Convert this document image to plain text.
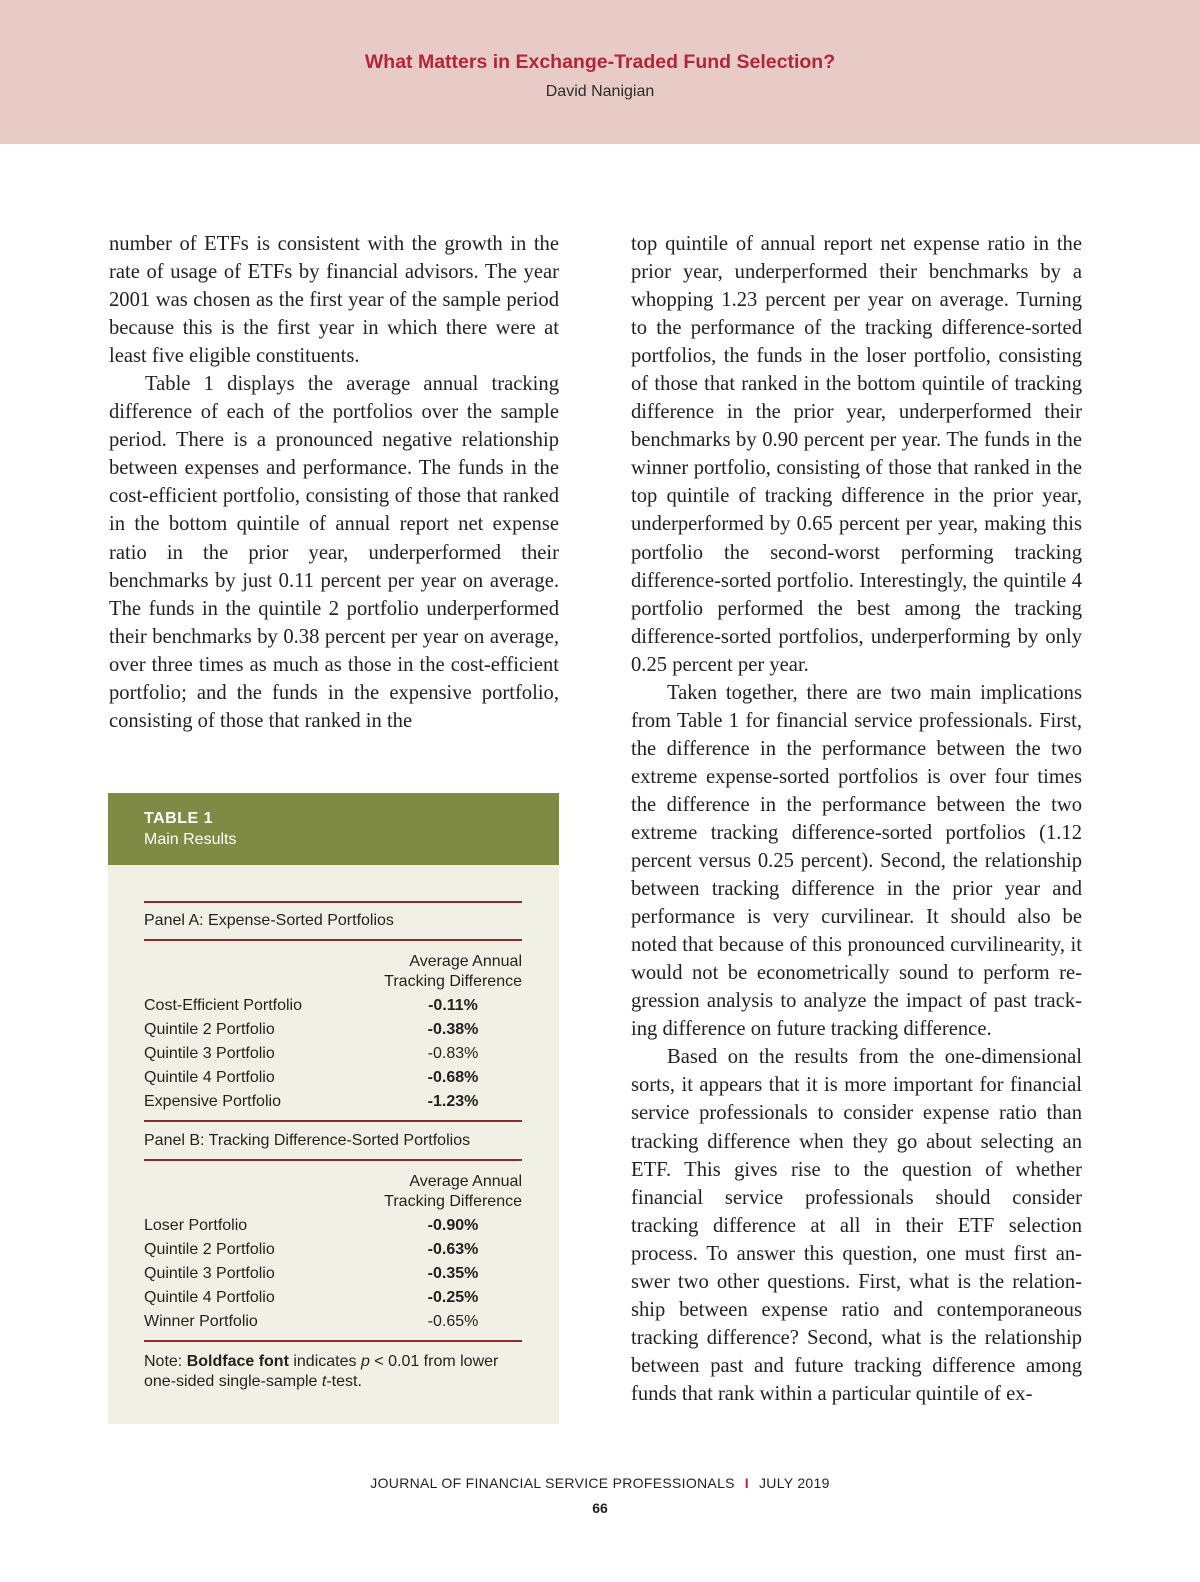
What Matters in Exchange-Traded Fund Selection?
David Nanigian

number of ETFs is consistent with the growth in the rate of usage of ETFs by financial advisors. The year 2001 was chosen as the first year of the sample period because this is the first year in which there were at least five eligible constituents.

Table 1 displays the average annual tracking difference of each of the portfolios over the sample period. There is a pronounced negative relationship between expenses and performance. The funds in the cost-efficient portfolio, consisting of those that ranked in the bottom quintile of annual report net expense ratio in the prior year, underperformed their benchmarks by just 0.11 percent per year on average. The funds in the quintile 2 portfolio underperformed their benchmarks by 0.38 percent per year on average, over three times as much as those in the cost-efficient portfolio; and the funds in the expensive portfolio, consisting of those that ranked in the

top quintile of annual report net expense ratio in the prior year, underperformed their benchmarks by a whopping 1.23 percent per year on average. Turning to the performance of the tracking difference-sorted portfolios, the funds in the loser portfolio, consisting of those that ranked in the bottom quintile of tracking difference in the prior year, underperformed their benchmarks by 0.90 percent per year. The funds in the winner portfolio, consisting of those that ranked in the top quintile of tracking difference in the prior year, underperformed by 0.65 percent per year, making this portfolio the second-worst performing tracking difference-sorted portfolio. Interestingly, the quintile 4 portfolio performed the best among the tracking difference-sorted portfolios, underperforming by only 0.25 percent per year.

Taken together, there are two main implications from Table 1 for financial service professionals. First, the difference in the performance between the two extreme expense-sorted portfolios is over four times the difference in the performance between the two extreme tracking difference-sorted portfolios (1.12 percent versus 0.25 percent). Second, the relationship between tracking difference in the prior year and performance is very curvilinear. It should also be noted that because of this pronounced curvilinearity, it would not be econometrically sound to perform regression analysis to analyze the impact of past tracking difference on future tracking difference.

Based on the results from the one-dimensional sorts, it appears that it is more important for financial service professionals to consider expense ratio than tracking difference when they go about selecting an ETF. This gives rise to the question of whether financial service professionals should consider tracking difference at all in their ETF selection process. To answer this question, one must first answer two other questions. First, what is the relationship between expense ratio and contemporaneous tracking difference? Second, what is the relationship between past and future tracking difference among funds that rank within a particular quintile of ex-

TABLE 1
Main Results
Panel A: Expense-Sorted Portfolios
Average Annual
Tracking Difference
Cost-Efficient Portfolio	-0.11%
Quintile 2 Portfolio	-0.38%
Quintile 3 Portfolio	-0.83%
Quintile 4 Portfolio	-0.68%
Expensive Portfolio	-1.23%
Panel B: Tracking Difference-Sorted Portfolios
Average Annual
Tracking Difference
Loser Portfolio	-0.90%
Quintile 2 Portfolio	-0.63%
Quintile 3 Portfolio	-0.35%
Quintile 4 Portfolio	-0.25%
Winner Portfolio	-0.65%
Note: Boldface font indicates p < 0.01 from lower one-sided single-sample t-test.
JOURNAL OF FINANCIAL SERVICE PROFESSIONALS I JULY 2019
66
